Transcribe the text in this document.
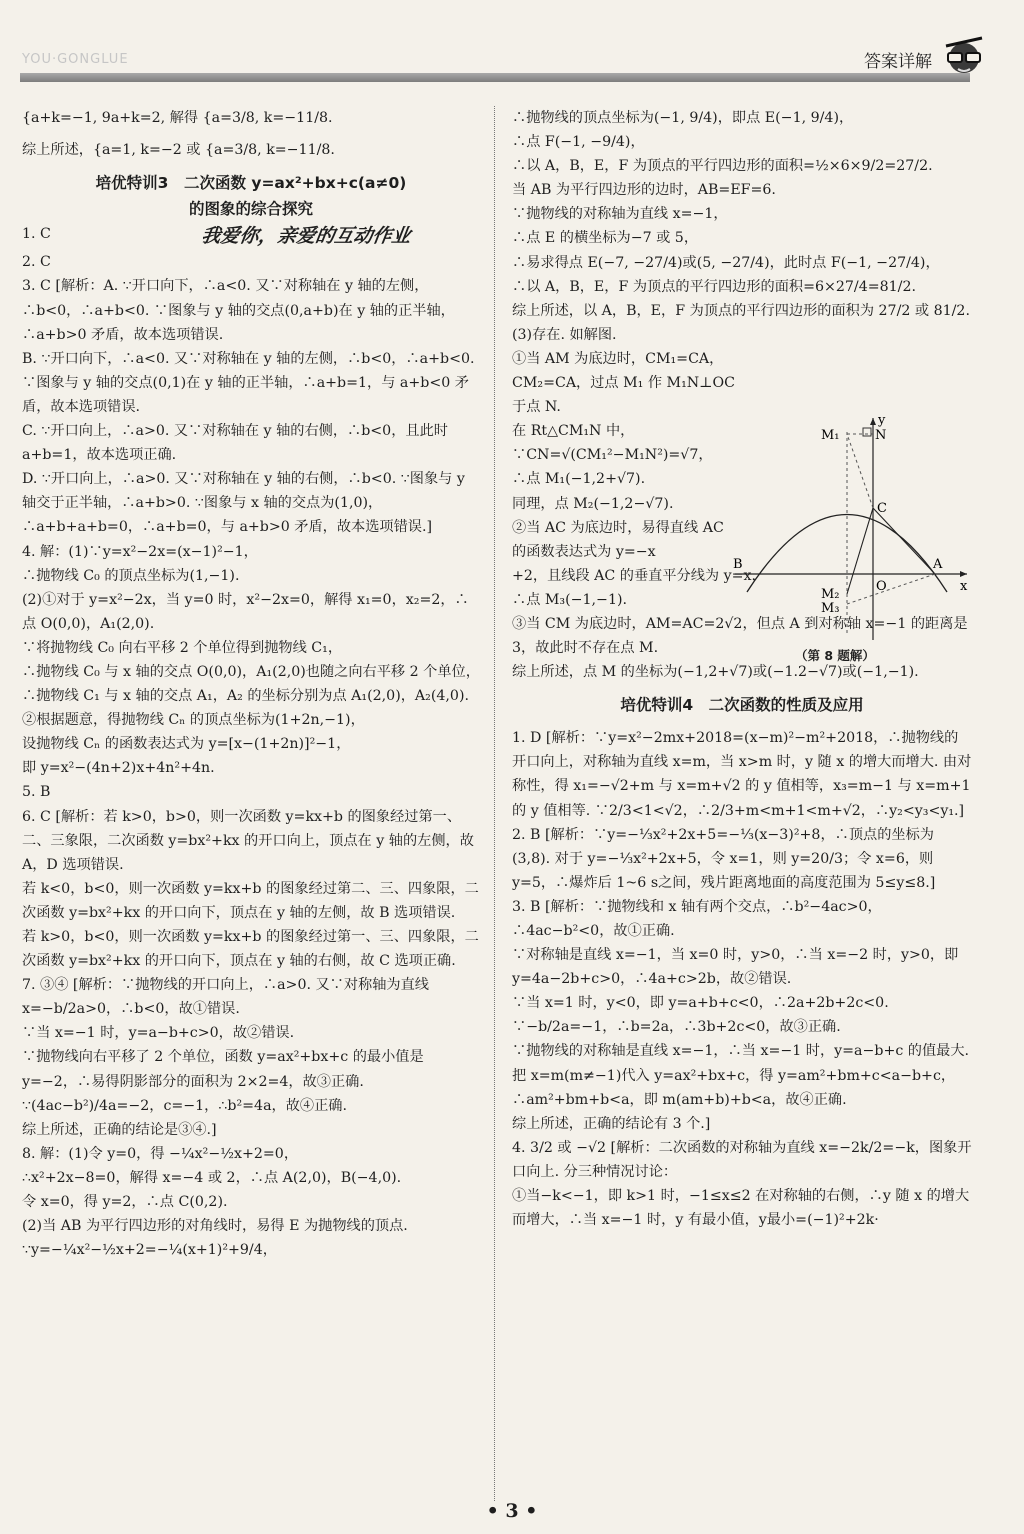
YOU·GONGLUE	答案详解
{a+k=−1, 9a+k=2, 解得 {a=3/8, k=−11/8.
综上所述，{a=1, k=−2 或 {a=3/8, k=−11/8.
培优特训3　二次函数 y=ax²+bx+c(a≠0)
的图象的综合探究
1. C	我爱你，亲爱的互动作业
2. C
3. C [解析：A. ∵开口向下，∴a<0. 又∵对称轴在 y 轴的左侧，∴b<0，∴a+b<0. ∵图象与 y 轴的交点(0,a+b)在 y 轴的正半轴，∴a+b>0 矛盾，故本选项错误.
B. ∵开口向下，∴a<0. 又∵对称轴在 y 轴的左侧，∴b<0，∴a+b<0. ∵图象与 y 轴的交点(0,1)在 y 轴的正半轴，∴a+b=1，与 a+b<0 矛盾，故本选项错误.
C. ∵开口向上，∴a>0. 又∵对称轴在 y 轴的右侧，∴b<0，且此时 a+b=1，故本选项正确.
D. ∵开口向上，∴a>0. 又∵对称轴在 y 轴的右侧，∴b<0. ∵图象与 y 轴交于正半轴，∴a+b>0. ∵图象与 x 轴的交点为(1,0)，∴a+b+a+b=0，∴a+b=0，与 a+b>0 矛盾，故本选项错误.]
4. 解：(1)∵y=x²−2x=(x−1)²−1，
∴抛物线 C₀ 的顶点坐标为(1,−1).
(2)①对于 y=x²−2x，当 y=0 时，x²−2x=0，解得 x₁=0，x₂=2，∴点 O(0,0)，A₁(2,0).
∵将抛物线 C₀ 向右平移 2 个单位得到抛物线 C₁，
∴抛物线 C₀ 与 x 轴的交点 O(0,0)，A₁(2,0)也随之向右平移 2 个单位，
∴抛物线 C₁ 与 x 轴的交点 A₁，A₂ 的坐标分别为点 A₁(2,0)，A₂(4,0).
②根据题意，得抛物线 Cₙ 的顶点坐标为(1+2n,−1)，
设抛物线 Cₙ 的函数表达式为 y=[x−(1+2n)]²−1，
即 y=x²−(4n+2)x+4n²+4n.
5. B
6. C [解析：若 k>0，b>0，则一次函数 y=kx+b 的图象经过第一、二、三象限，二次函数 y=bx²+kx 的开口向上，顶点在 y 轴的左侧，故 A，D 选项错误.
若 k<0，b<0，则一次函数 y=kx+b 的图象经过第二、三、四象限，二次函数 y=bx²+kx 的开口向下，顶点在 y 轴的左侧，故 B 选项错误.
若 k>0，b<0，则一次函数 y=kx+b 的图象经过第一、三、四象限，二次函数 y=bx²+kx 的开口向下，顶点在 y 轴的右侧，故 C 选项正确.
7. ③④ [解析：∵抛物线的开口向上，∴a>0. 又∵对称轴为直线 x=−b/2a>0，∴b<0，故①错误.
∵当 x=−1 时，y=a−b+c>0，故②错误.
∵抛物线向右平移了 2 个单位，函数 y=ax²+bx+c 的最小值是 y=−2，∴易得阴影部分的面积为 2×2=4，故③正确.
∵(4ac−b²)/4a=−2，c=−1，∴b²=4a，故④正确.
综上所述，正确的结论是③④.]
8. 解：(1)令 y=0，得 −¼x²−½x+2=0，
∴x²+2x−8=0，解得 x=−4 或 2，∴点 A(2,0)，B(−4,0).
令 x=0，得 y=2，∴点 C(0,2).
(2)当 AB 为平行四边形的对角线时，易得 E 为抛物线的顶点.
∵y=−¼x²−½x+2=−¼(x+1)²+9/4，
∴抛物线的顶点坐标为(−1, 9/4)，即点 E(−1, 9/4)，
∴点 F(−1, −9/4)，
∴以 A，B，E，F 为顶点的平行四边形的面积=½×6×9/2=27/2.
当 AB 为平行四边形的边时，AB=EF=6.
∵抛物线的对称轴为直线 x=−1，
∴点 E 的横坐标为−7 或 5，
∴易求得点 E(−7, −27/4)或(5, −27/4)，此时点 F(−1, −27/4)，
∴以 A，B，E，F 为顶点的平行四边形的面积=6×27/4=81/2.
综上所述，以 A，B，E，F 为顶点的平行四边形的面积为 27/2 或 81/2.
(3)存在. 如解图.
①当 AM 为底边时，CM₁=CA，CM₂=CA，过点 M₁ 作 M₁N⊥OC 于点 N.
在 Rt△CM₁N 中，∵CN=√(CM₁²−M₁N²)=√7，
∴点 M₁(−1,2+√7).
同理，点 M₂(−1,2−√7).
②当 AC 为底边时，易得直线 AC 的函数表达式为 y=−x
+2，且线段 AC 的垂直平分线为 y=x，
∴点 M₃(−1,−1).
③当 CM 为底边时，AM=AC=2√2，但点 A 到对称轴 x=−1 的距离是 3，故此时不存在点 M.
综上所述，点 M 的坐标为(−1,2+√7)或(−1.2−√7)或(−1,−1).
培优特训4　二次函数的性质及应用
1. D [解析：∵y=x²−2mx+2018=(x−m)²−m²+2018，∴抛物线的开口向上，对称轴为直线 x=m，当 x>m 时，y 随 x 的增大而增大. 由对称性，得 x₁=−√2+m 与 x=m+√2 的 y 值相等，x₃=m−1 与 x=m+1 的 y 值相等. ∵2/3<1<√2，∴2/3+m<m+1<m+√2，∴y₂<y₃<y₁.]
2. B [解析：∵y=−⅓x²+2x+5=−⅓(x−3)²+8，∴顶点的坐标为(3,8). 对于 y=−⅓x²+2x+5，令 x=1，则 y=20/3；令 x=6，则 y=5，∴爆炸后 1~6 s之间，残片距离地面的高度范围为 5≤y≤8.]
3. B [解析：∵抛物线和 x 轴有两个交点，∴b²−4ac>0，∴4ac−b²<0，故①正确.
∵对称轴是直线 x=−1，当 x=0 时，y>0，∴当 x=−2 时，y>0，即 y=4a−2b+c>0，∴4a+c>2b，故②错误.
∵当 x=1 时，y<0，即 y=a+b+c<0，∴2a+2b+2c<0. ∵−b/2a=−1，∴b=2a，∴3b+2c<0，故③正确.
∵抛物线的对称轴是直线 x=−1，∴当 x=−1 时，y=a−b+c 的值最大. 把 x=m(m≠−1)代入 y=ax²+bx+c，得 y=am²+bm+c<a−b+c，∴am²+bm+b<a，即 m(am+b)+b<a，故④正确.
综上所述，正确的结论有 3 个.]
4. 3/2 或 −√2 [解析：二次函数的对称轴为直线 x=−2k/2=−k，图象开口向上. 分三种情况讨论：
①当−k<−1，即 k>1 时，−1≤x≤2 在对称轴的右侧，∴y 随 x 的增大而增大，∴当 x=−1 时，y 有最小值，y最小=(−1)²+2k·
y
x
O
A
B
C
N
M₁
M₂
M₃
（第 8 题解）
• 3 •
